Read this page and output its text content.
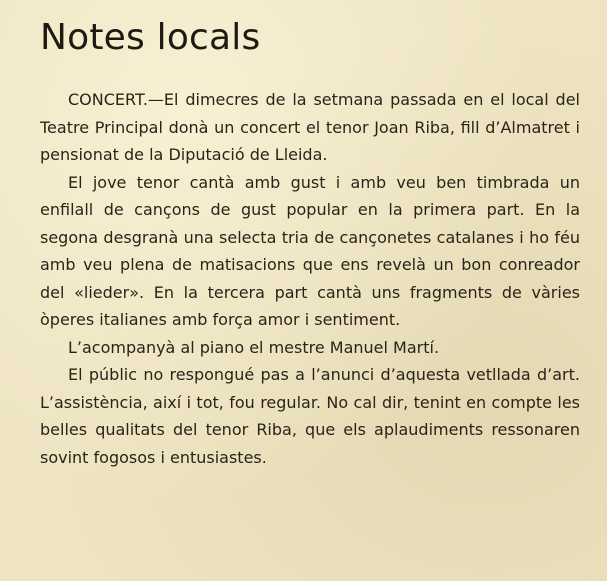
Notes locals

CONCERT.—El dimecres de la setmana passada en el local del Teatre Principal donà un concert el tenor Joan Riba, fill d’Almatret i pensionat de la Diputació de Lleida.

El jove tenor cantà amb gust i amb veu ben timbrada un enfilall de cançons de gust popular en la primera part. En la segona desgranà una selecta tria de cançonetes catalanes i ho féu amb veu plena de matisacions que ens revelà un bon conreador del «lieder». En la tercera part cantà uns fragments de vàries òperes italianes amb força amor i sentiment.

L’acompanyà al piano el mestre Manuel Martí.

El públic no respongué pas a l’anunci d’aquesta vetllada d’art. L’assistència, així i tot, fou regular. No cal dir, tenint en compte les belles qualitats del tenor Riba, que els aplaudiments ressonaren sovint fogosos i entusiastes.
